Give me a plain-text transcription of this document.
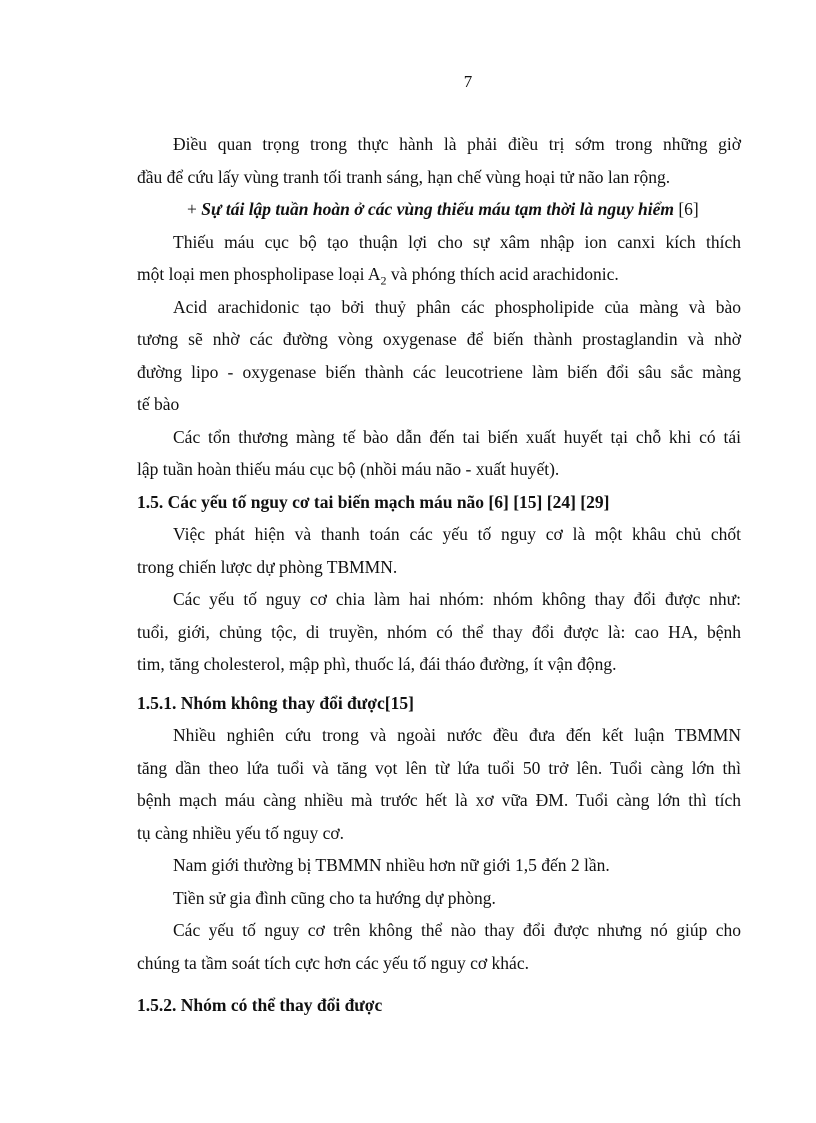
7

Điều quan trọng trong thực hành là phải điều trị sớm trong những giờ

đầu để cứu lấy vùng tranh tối tranh sáng, hạn chế vùng hoại tử não lan rộng.

+ Sự tái lập tuần hoàn ở các vùng thiếu máu tạm thời là nguy hiểm [6]

Thiếu máu cục bộ tạo thuận lợi cho sự xâm nhập ion canxi kích thích

một loại men phospholipase loại $A_2$ và phóng thích acid arachidonic.

Acid arachidonic tạo bởi thuỷ phân các phospholipide của màng và bào

tương sẽ nhờ các đường vòng oxygenase để biến thành prostaglandin và nhờ

đường lipo - oxygenase biến thành các leucotriene làm biến đổi sâu sắc màng

tế bào

Các tổn thương màng tế bào dẫn đến tai biến xuất huyết tại chỗ khi có tái

lập tuần hoàn thiếu máu cục bộ (nhồi máu não - xuất huyết).

1.5. Các yếu tố nguy cơ tai biến mạch máu não [6] [15] [24] [29]

Việc phát hiện và thanh toán các yếu tố nguy cơ là một khâu chủ chốt

trong chiến lược dự phòng TBMMN.

Các yếu tố nguy cơ chia làm hai nhóm: nhóm không thay đổi được như:

tuổi, giới, chủng tộc, di truyền, nhóm có thể thay đổi được là: cao HA, bệnh

tim, tăng cholesterol, mập phì, thuốc lá, đái tháo đường, ít vận động.

1.5.1. Nhóm không thay đổi được[15]

Nhiều nghiên cứu trong và ngoài nước đều đưa đến kết luận TBMMN

tăng dần theo lứa tuổi và tăng vọt lên từ lứa tuổi 50 trở lên. Tuổi càng lớn thì

bệnh mạch máu càng nhiều mà trước hết là xơ vữa ĐM. Tuổi càng lớn thì tích

tụ càng nhiều yếu tố nguy cơ.

Nam giới thường bị TBMMN nhiều hơn nữ giới 1,5 đến 2 lần.

Tiền sử gia đình cũng cho ta hướng dự phòng.

Các yếu tố nguy cơ trên không thể nào thay đổi được nhưng nó giúp cho

chúng ta tầm soát tích cực hơn các yếu tố nguy cơ khác.

1.5.2. Nhóm có thể thay đổi được
